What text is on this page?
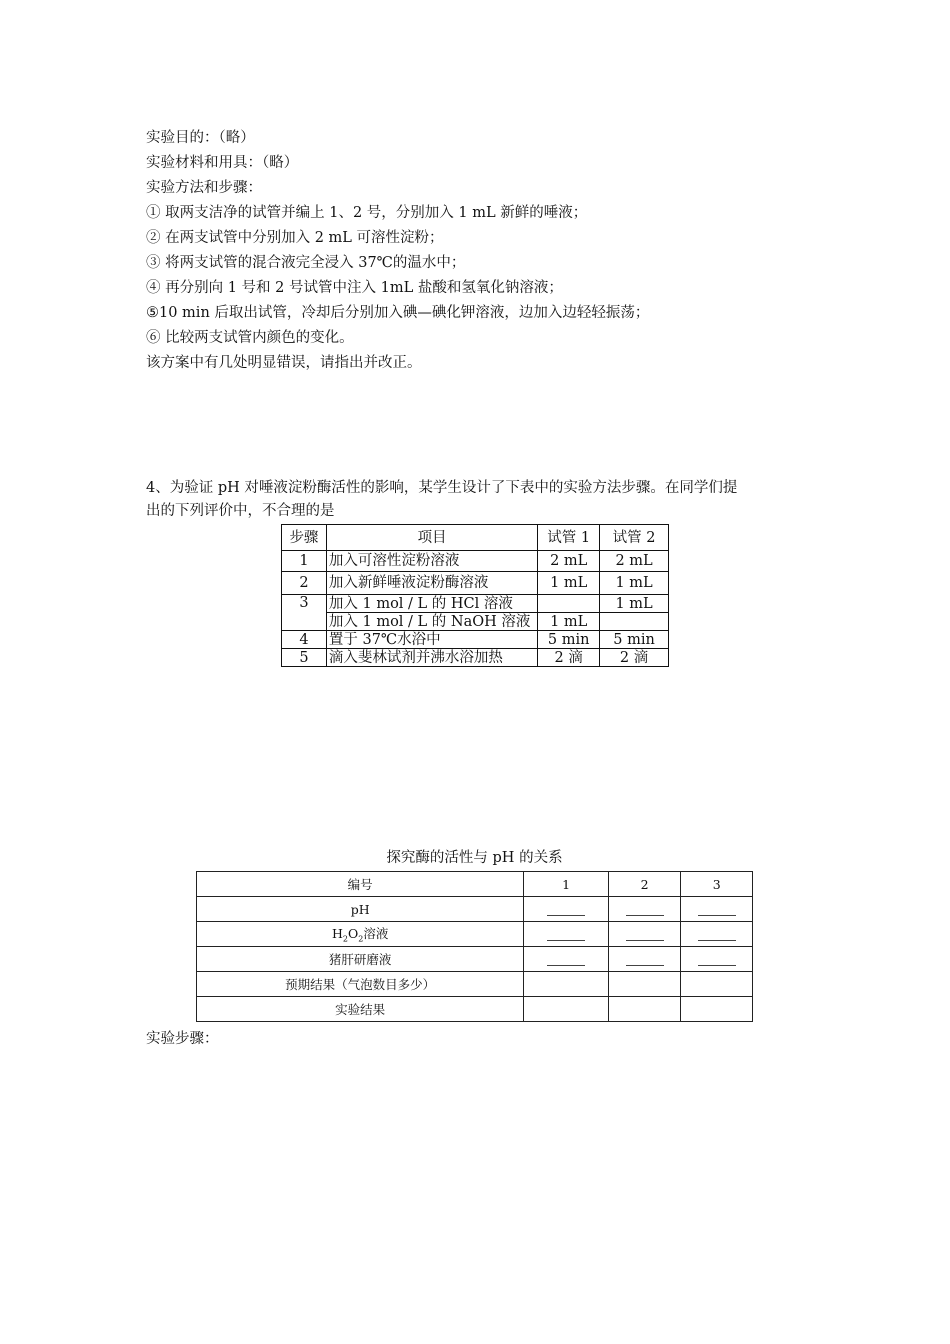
实验目的：（略）
实验材料和用具：（略）
实验方法和步骤：
① 取两支洁净的试管并编上 1、2 号，分别加入 1 mL 新鲜的唾液；
② 在两支试管中分别加入 2 mL 可溶性淀粉；
③ 将两支试管的混合液完全浸入 37℃的温水中；
④ 再分别向 1 号和 2 号试管中注入 1mL 盐酸和氢氧化钠溶液；
⑤10 min 后取出试管，冷却后分别加入碘—碘化钾溶液，边加入边轻轻振荡；
⑥ 比较两支试管内颜色的变化。
该方案中有几处明显错误，请指出并改正。
4、为验证 pH 对唾液淀粉酶活性的影响，某学生设计了下表中的实验方法步骤。在同学们提
出的下列评价中，不合理的是
步骤	项目	试管 1	试管 2
1	加入可溶性淀粉溶液	2 mL	2 mL
2	加入新鲜唾液淀粉酶溶液	1 mL	1 mL
3	加入 1 mol / L 的 HCl 溶液		1 mL
	加入 1 mol / L 的 NaOH 溶液	1 mL	
4	置于 37℃水浴中	5 min	5 min
5	滴入斐林试剂并沸水浴加热	2 滴	2 滴
探究酶的活性与 pH 的关系
编号	1	2	3
pH			
$H_2O_2$溶液			
猪肝研磨液			
预期结果（气泡数目多少）			
实验结果			
实验步骤：
